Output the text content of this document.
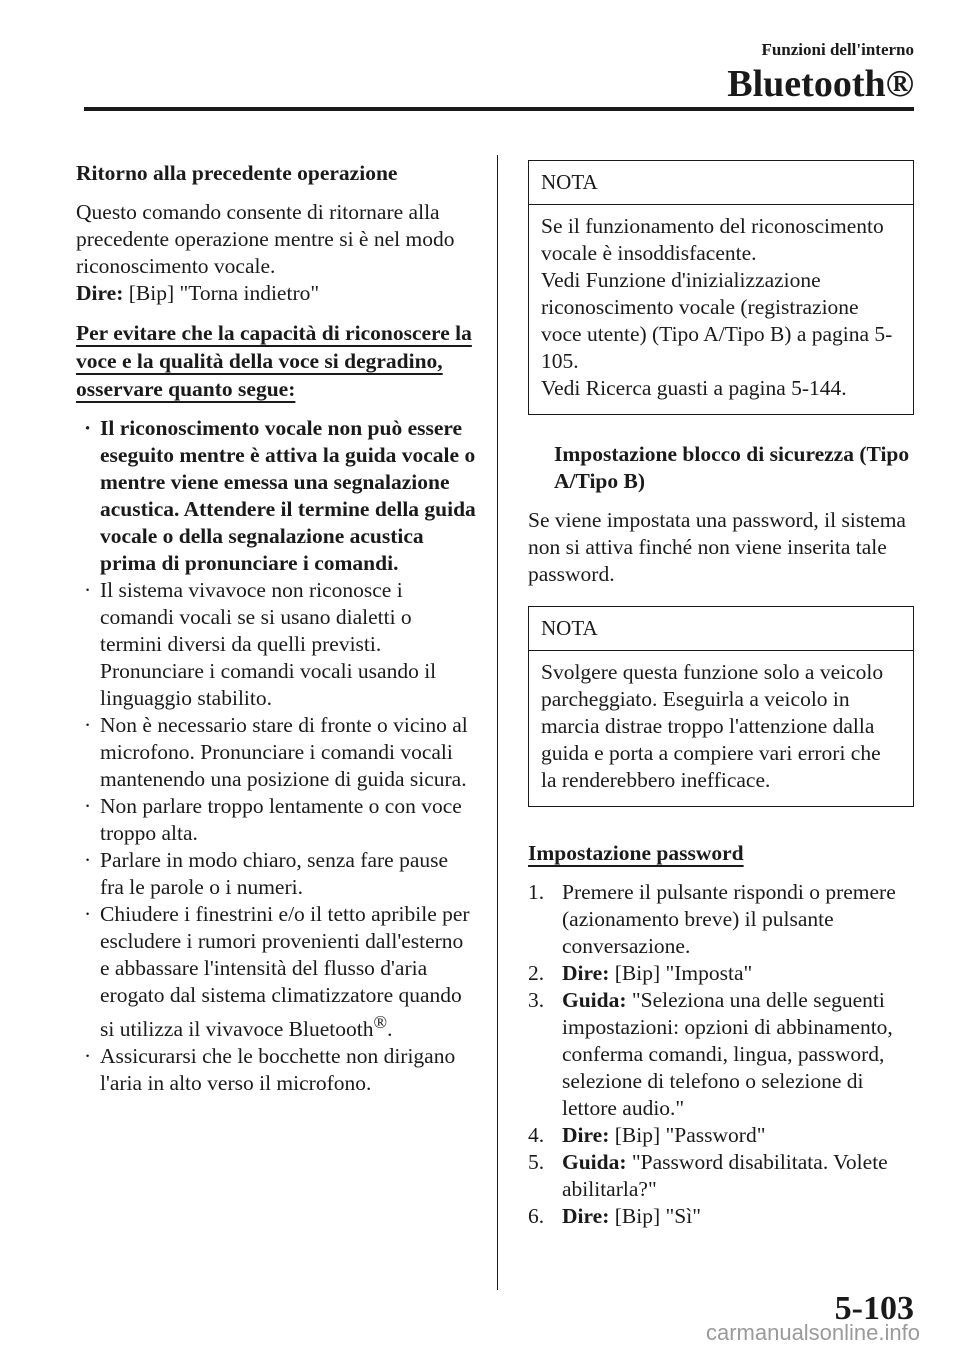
Funzioni dell'interno
Bluetooth®

Ritorno alla precedente operazione

Questo comando consente di ritornare alla precedente operazione mentre si è nel modo riconoscimento vocale.

Dire: [Bip] "Torna indietro"

Per evitare che la capacità di riconoscere la voce e la qualità della voce si degradino, osservare quanto segue:

· Il riconoscimento vocale non può essere eseguito mentre è attiva la guida vocale o mentre viene emessa una segnalazione acustica. Attendere il termine della guida vocale o della segnalazione acustica prima di pronunciare i comandi.
· Il sistema vivavoce non riconosce i comandi vocali se si usano dialetti o termini diversi da quelli previsti. Pronunciare i comandi vocali usando il linguaggio stabilito.
· Non è necessario stare di fronte o vicino al microfono. Pronunciare i comandi vocali mantenendo una posizione di guida sicura.
· Non parlare troppo lentamente o con voce troppo alta.
· Parlare in modo chiaro, senza fare pause fra le parole o i numeri.
· Chiudere i finestrini e/o il tetto apribile per escludere i rumori provenienti dall'esterno e abbassare l'intensità del flusso d'aria erogato dal sistema climatizzatore quando si utilizza il vivavoce Bluetooth®.
· Assicurarsi che le bocchette non dirigano l'aria in alto verso il microfono.
NOTA

Se il funzionamento del riconoscimento vocale è insoddisfacente.

Vedi Funzione d'inizializzazione riconoscimento vocale (registrazione voce utente) (Tipo A/Tipo B) a pagina 5-105.

Vedi Ricerca guasti a pagina 5-144.

Impostazione blocco di sicurezza (Tipo A/Tipo B)

Se viene impostata una password, il sistema non si attiva finché non viene inserita tale password.

NOTA

Svolgere questa funzione solo a veicolo parcheggiato. Eseguirla a veicolo in marcia distrae troppo l'attenzione dalla guida e porta a compiere vari errori che la renderebbero inefficace.

Impostazione password

1. Premere il pulsante rispondi o premere (azionamento breve) il pulsante conversazione.
2. Dire: [Bip] "Imposta"
3. Guida: "Seleziona una delle seguenti impostazioni: opzioni di abbinamento, conferma comandi, lingua, password, selezione di telefono o selezione di lettore audio."
4. Dire: [Bip] "Password"
5. Guida: "Password disabilitata. Volete abilitarla?"
6. Dire: [Bip] "Sì"
5-103
carmanualsonline.info
